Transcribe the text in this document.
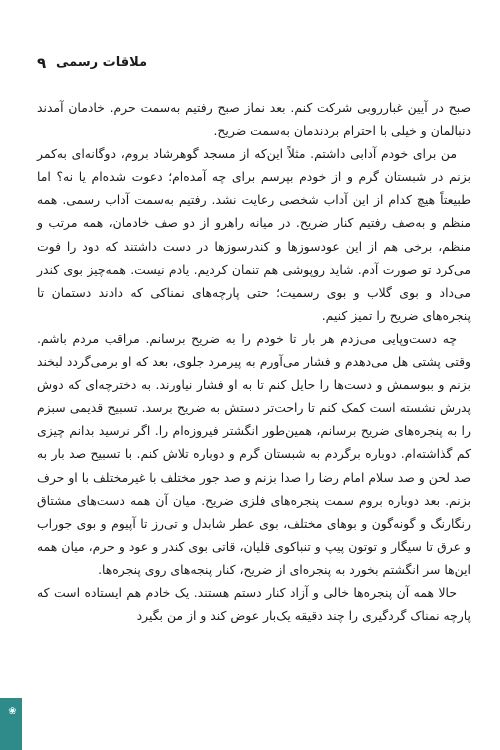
۹ ملاقات رسمی

صبح در آیین غبارروبی شرکت کنم. بعد نماز صبح رفتیم به‌سمت حرم. خادمان آمدند دنبالمان و خیلی با احترام بردندمان به‌سمت ضریح.

من برای خودم آدابی داشتم. مثلاً این‌که از مسجد گوهرشاد بروم، دوگانه‌ای به‌کمر بزنم در شبستان گرم و از خودم بپرسم برای چه آمده‌ام؛ دعوت شده‌ام یا نه؟ اما طبیعتاً هیچ کدام از این آداب شخصی رعایت نشد. رفتیم به‌سمت آداب رسمی. همه منظم و به‌صف رفتیم کنار ضریح. در میانه راهرو از دو صف خادمان، همه مرتب و منظم، برخی هم از این عودسوزها و کندرسوزها در دست داشتند که دود را فوت می‌کرد تو صورت آدم. شاید روپوشی هم تنمان کردیم. یادم نیست. همه‌چیز بوی کندر می‌داد و بوی گلاب و بوی رسمیت؛ حتی پارچه‌های نمناکی که دادند دستمان تا پنجره‌های ضریح را تمیز کنیم.

چه دست‌وپایی می‌زدم هر بار تا خودم را به ضریح برسانم. مراقب مردم باشم. وقتی پشتی هل می‌دهدم و فشار می‌آورم به پیرمرد جلوی، بعد که او برمی‌گردد لبخند بزنم و ببوسمش و دست‌ها را حایل کنم تا به او فشار نیاورند. به دخترچه‌ای که دوش پدرش نشسته است کمک کنم تا راحت‌تر دستش به ضریح برسد. تسبیح قدیمی سبزم را به پنجره‌های ضریح برسانم، همین‌طور انگشتر فیروزه‌ام را. اگر نرسید بدانم چیزی کم گذاشته‌ام. دوباره برگردم به شبستان گرم و دوباره تلاش کنم. با تسبیح صد بار به صد لحن و صد سلام امام رضا را صدا بزنم و صد جور مختلف با غیرمختلف با او حرف بزنم. بعد دوباره بروم سمت پنجره‌های فلزی ضریح. میان آن همه دست‌های مشتاق رنگارنگ و گونه‌گون و بوهای مختلف، بوی عطر شابدل و تی‌رز تا آپیوم و بوی جوراب و عرق تا سیگار و توتون پیپ و تنباکوی قلیان، قاتی بوی کندر و عود و حرم، میان همه این‌ها سر انگشتم بخورد به پنجره‌ای از ضریح، کنار پنجه‌های روی پنجره‌ها.

حالا همه آن پنجره‌ها خالی و آزاد کنار دستم هستند. یک خادم هم ایستاده است که پارچه نمناک گردگیری را چند دقیقه یک‌بار عوض کند و از من بگیرد

❀
